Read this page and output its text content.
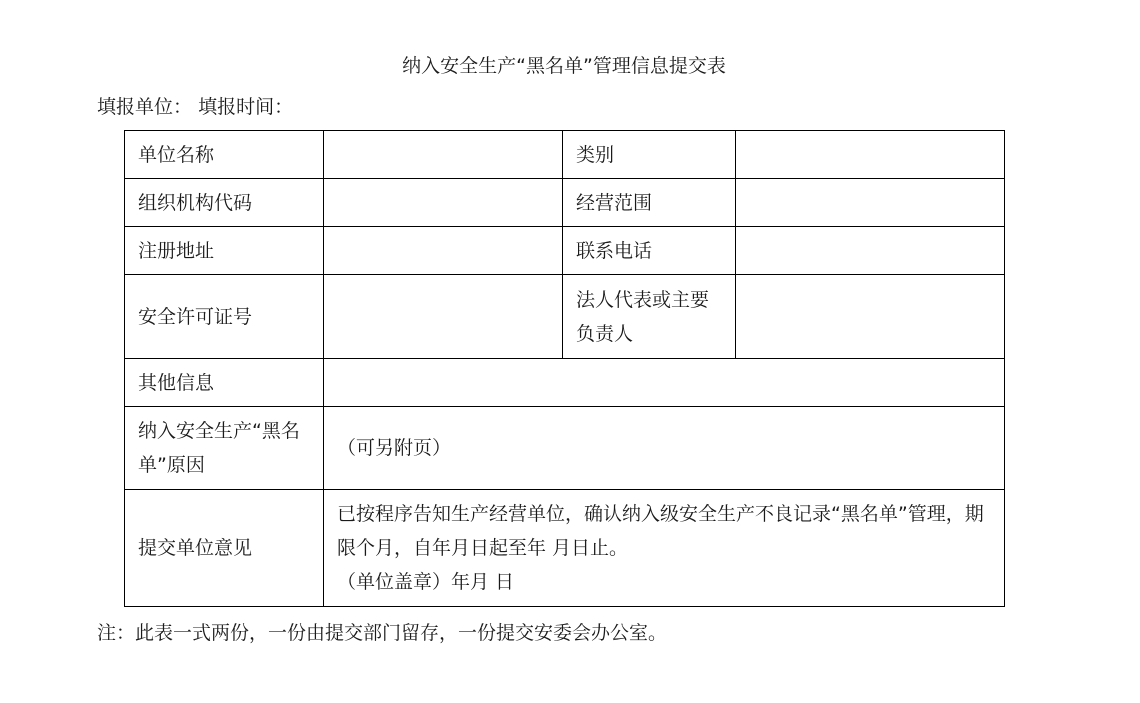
纳入安全生产“黑名单”管理信息提交表
填报单位： 填报时间：
单位名称		类别	
组织机构代码		经营范围	
注册地址		联系电话	
安全许可证号		法人代表或主要负责人	
其他信息			
纳入安全生产“黑名单”原因	（可另附页）		
提交单位意见	已按程序告知生产经营单位，确认纳入级安全生产不良记录“黑名单”管理，期限个月，自年月日起至年 月日止。
（单位盖章）年月 日		
注：此表一式两份，一份由提交部门留存，一份提交安委会办公室。
